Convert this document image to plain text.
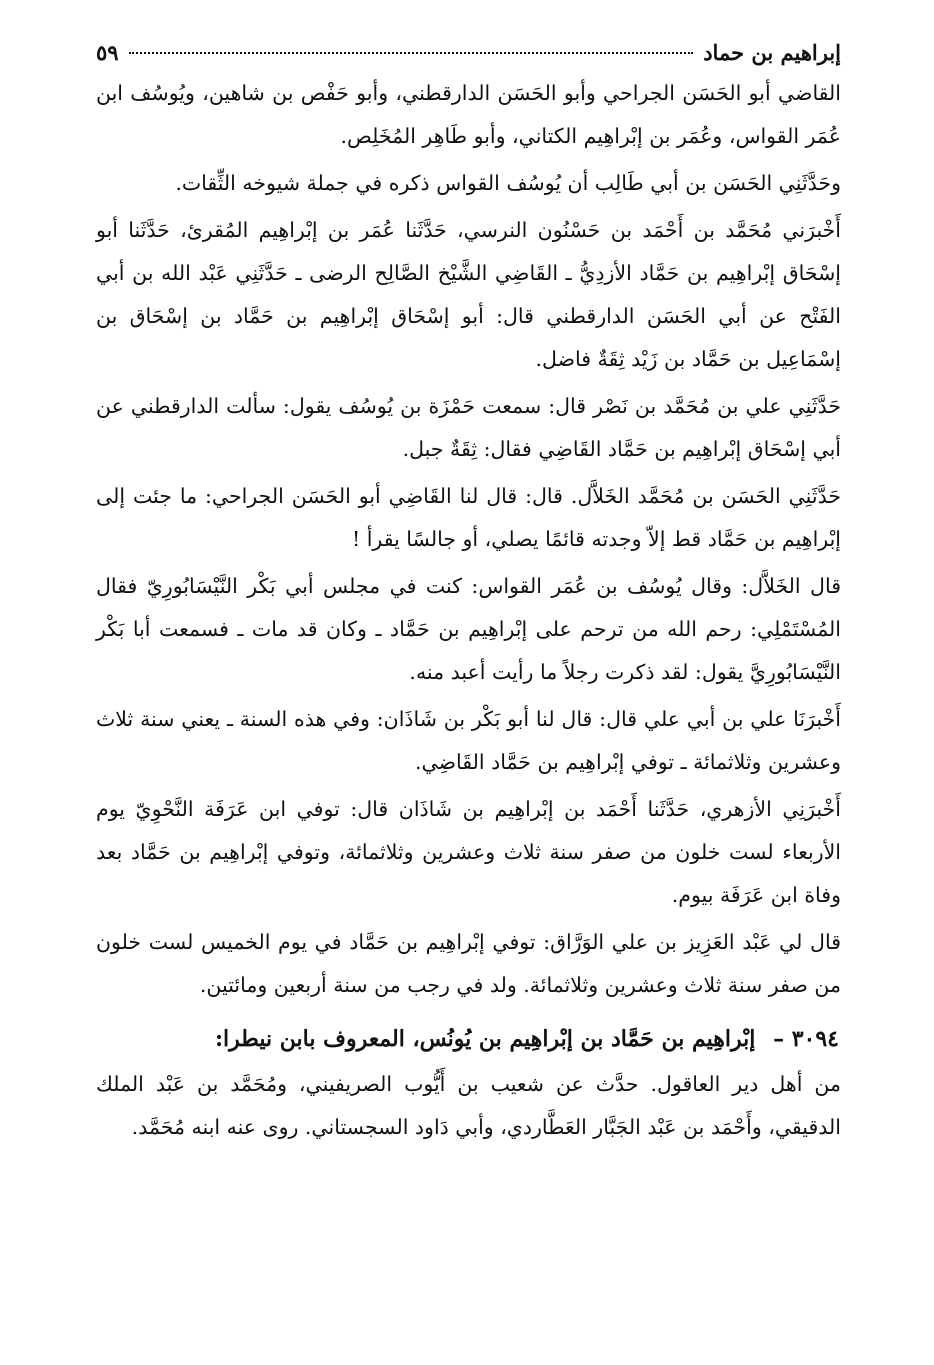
إبراهيم بن حماد
٥٩

القاضي أبو الحَسَن الجراحي وأبو الحَسَن الدارقطني، وأبو حَفْص بن شاهين، ويُوسُف ابن عُمَر القواس، وعُمَر بن إبْراهِيم الكتاني، وأبو طَاهِر المُخَلِص.

وحَدَّثَنِي الحَسَن بن أبي طَالِب أن يُوسُف القواس ذكره في جملة شيوخه الثِّقات.

أَخْبرَني مُحَمَّد بن أَحْمَد بن حَسْنُون النرسي، حَدَّثَنا عُمَر بن إبْراهِيم المُقرئ، حَدَّثَنا أبو إسْحَاق إبْراهِيم بن حَمَّاد الأزدِيُّ ـ القَاضِي الشَّيْخ الصَّالِح الرضى ـ حَدَّثَنِي عَبْد الله بن أبي الفَتْح عن أبي الحَسَن الدارقطني قال: أبو إسْحَاق إبْراهِيم بن حَمَّاد بن إسْحَاق بن إسْمَاعِيل بن حَمَّاد بن زَيْد ثِقَةٌ فاضل.

حَدَّثَنِي علي بن مُحَمَّد بن نَصْر قال: سمعت حَمْزَة بن يُوسُف يقول: سألت الدارقطني عن أبي إسْحَاق إبْراهِيم بن حَمَّاد القَاضِي فقال: ثِقَةٌ جبل.

حَدَّثَنِي الحَسَن بن مُحَمَّد الخَلاَّل. قال: قال لنا القَاضِي أبو الحَسَن الجراحي: ما جئت إلى إبْراهِيم بن حَمَّاد قط إلاّ وجدته قائمًا يصلي، أو جالسًا يقرأ !

قال الخَلاَّل: وقال يُوسُف بن عُمَر القواس: كنت في مجلس أبي بَكْر النَّيْسَابُورِيّ فقال المُسْتَمْلِي: رحم الله من ترحم على إبْراهِيم بن حَمَّاد ـ وكان قد مات ـ فسمعت أبا بَكْر النَّيْسَابُورِيَّ يقول: لقد ذكرت رجلاً ما رأيت أعبد منه.

أَخْبرَنَا علي بن أبي علي قال: قال لنا أبو بَكْر بن شَاذَان: وفي هذه السنة ـ يعني سنة ثلاث وعشرين وثلاثمائة ـ توفي إبْراهِيم بن حَمَّاد القَاضِي.

أَخْبرَنِي الأزهري، حَدَّثَنا أَحْمَد بن إبْراهِيم بن شَاذَان قال: توفي ابن عَرَفَة النَّحْوِيّ يوم الأربعاء لست خلون من صفر سنة ثلاث وعشرين وثلاثمائة، وتوفي إبْراهِيم بن حَمَّاد بعد وفاة ابن عَرَفَة بيوم.

قال لي عَبْد العَزِيز بن علي الوَرَّاق: توفي إبْراهِيم بن حَمَّاد في يوم الخميس لست خلون من صفر سنة ثلاث وعشرين وثلاثمائة. ولد في رجب من سنة أربعين ومائتين.

٣٠٩٤ – إبْراهِيم بن حَمَّاد بن إبْراهِيم بن يُونُس، المعروف بابن نيطرا:

من أهل دير العاقول. حدَّث عن شعيب بن أَيُّوب الصريفيني، ومُحَمَّد بن عَبْد الملك الدقيقي، وأَحْمَد بن عَبْد الجَبَّار العَطَّاردي، وأبي دَاود السجستاني. روى عنه ابنه مُحَمَّد.
